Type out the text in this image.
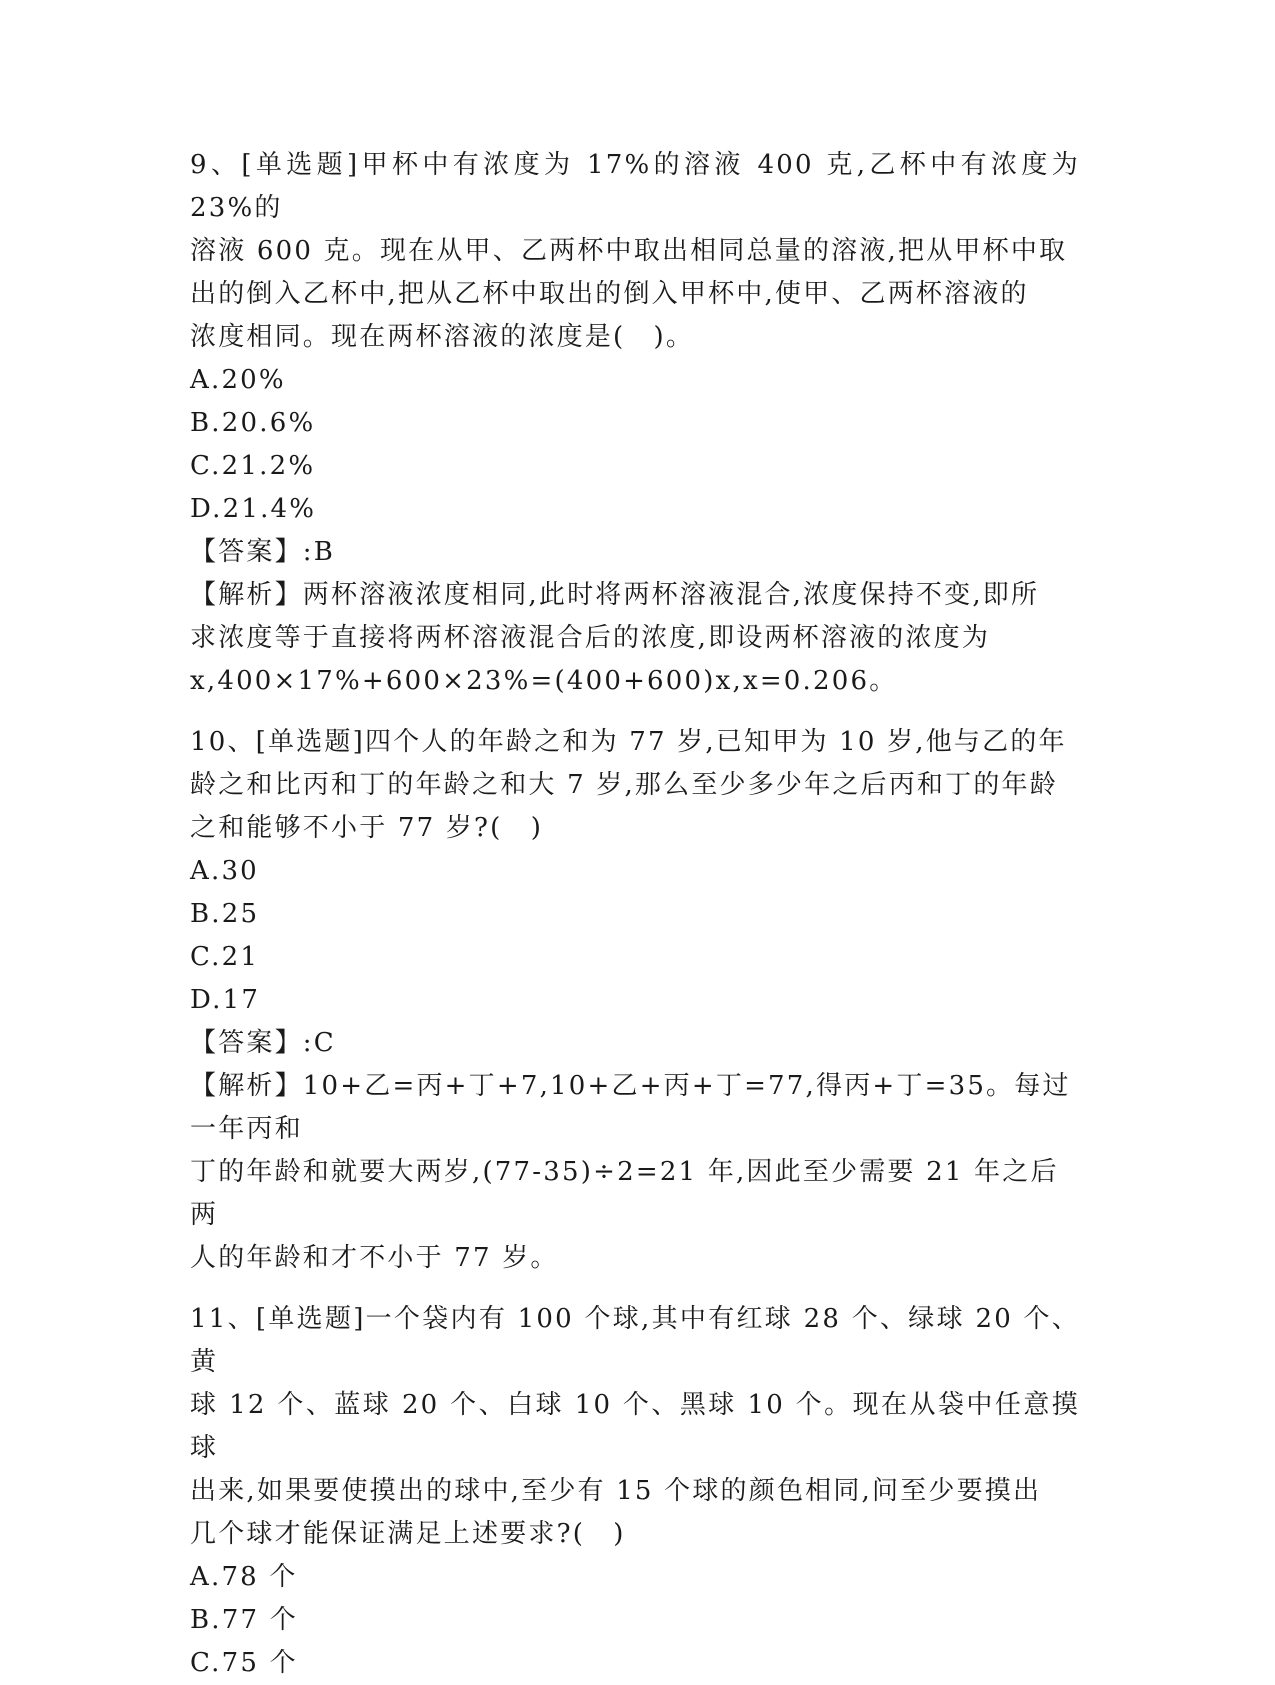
9、[单选题]甲杯中有浓度为 17%的溶液 400 克,乙杯中有浓度为 23%的
溶液 600 克。现在从甲、乙两杯中取出相同总量的溶液,把从甲杯中取
出的倒入乙杯中,把从乙杯中取出的倒入甲杯中,使甲、乙两杯溶液的
浓度相同。现在两杯溶液的浓度是(　)。
A.20%
B.20.6%
C.21.2%
D.21.4%
【答案】:B
【解析】两杯溶液浓度相同,此时将两杯溶液混合,浓度保持不变,即所
求浓度等于直接将两杯溶液混合后的浓度,即设两杯溶液的浓度为
x,400×17%+600×23%=(400+600)x,x=0.206。
10、[单选题]四个人的年龄之和为 77 岁,已知甲为 10 岁,他与乙的年
龄之和比丙和丁的年龄之和大 7 岁,那么至少多少年之后丙和丁的年龄
之和能够不小于 77 岁?(　)
A.30
B.25
C.21
D.17
【答案】:C
【解析】10+乙=丙+丁+7,10+乙+丙+丁=77,得丙+丁=35。每过一年丙和
丁的年龄和就要大两岁,(77-35)÷2=21 年,因此至少需要 21 年之后两
人的年龄和才不小于 77 岁。
11、[单选题]一个袋内有 100 个球,其中有红球 28 个、绿球 20 个、黄
球 12 个、蓝球 20 个、白球 10 个、黑球 10 个。现在从袋中任意摸球
出来,如果要使摸出的球中,至少有 15 个球的颜色相同,问至少要摸出
几个球才能保证满足上述要求?(　)
A.78 个
B.77 个
C.75 个
